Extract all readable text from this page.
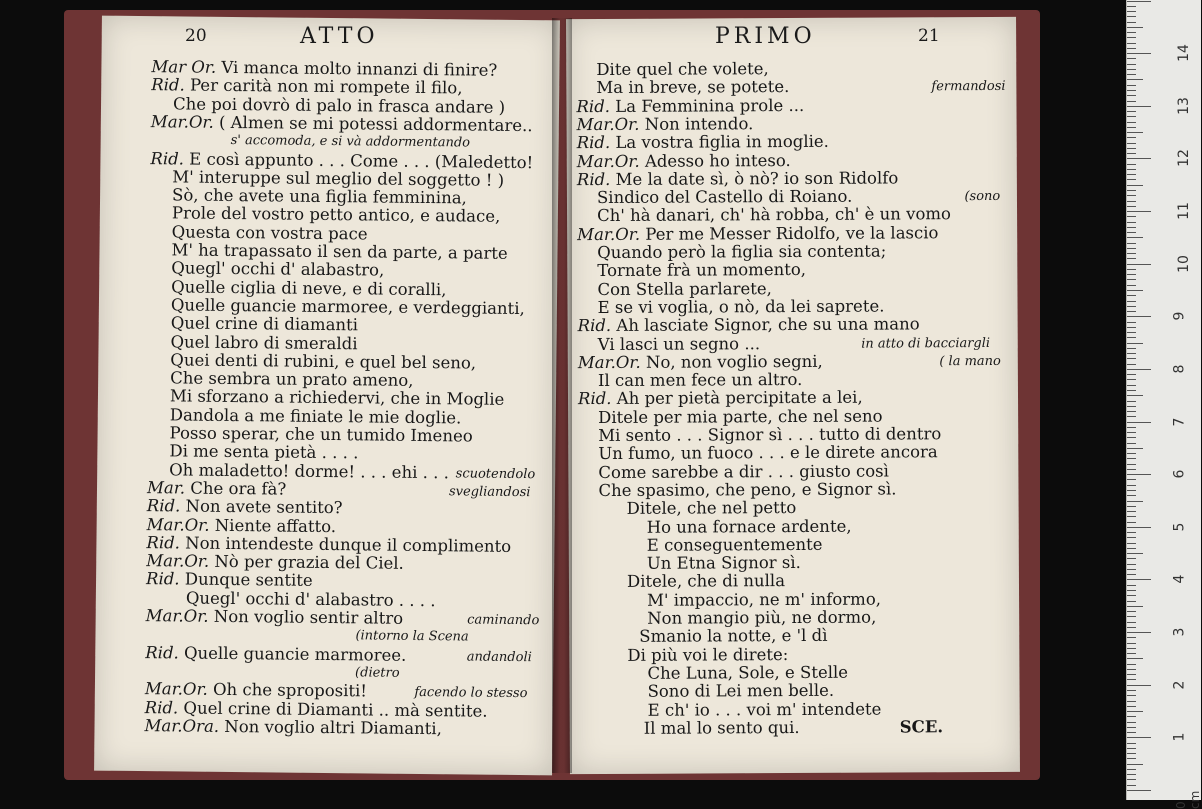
Mar Or. Vi manca molto innanzi di finire?
Rid. Per carità non mi rompete il filo,
Che poi dovrò di palo in frasca andare )
Mar.Or. ( Almen se mi potessi addormentare..
s' accomoda, e si và addormentando
Rid. E così appunto . . . Come . . . (Maledetto!
M' interuppe sul meglio del soggetto ! )
Sò, che avete una figlia femminina,
Prole del vostro petto antico, e audace,
Questa con vostra pace
M' ha trapassato il sen da parte, a parte
Quegl' occhi d' alabastro,
Quelle ciglia di neve, e di coralli,
Quelle guancie marmoree, e verdeggianti,
Quel crine di diamanti
Quel labro di smeraldi
Quei denti di rubini, e quel bel seno,
Che sembra un prato ameno,
Mi sforzano a richiedervi, che in Moglie
Dandola a me finiate le mie doglie.
Posso sperar, che un tumido Imeneo
Di me senta pietà . . . .
Oh maladetto! dorme! . . . ehi . . . scuotendolo
Mar. Che ora fà?	svegliandosi
Rid. Non avete sentito?
Mar.Or. Niente affatto.
Rid. Non intendeste dunque il complimento
Mar.Or. Nò per grazia del Ciel.
Rid. Dunque sentite
Quegl' occhi d' alabastro . . . .
Mar.Or. Non voglio sentir altro	caminando
(intorno la Scena
Rid. Quelle guancie marmoree.	andandoli
(dietro
Mar.Or. Oh che spropositi!	facendo lo stesso
Rid. Quel crine di Diamanti .. mà sentite.
Mar.Ora. Non voglio altri Diamanti,
Dite quel che volete,
Ma in breve, se potete.	fermandosi
Rid. La Femminina prole ...
Mar.Or. Non intendo.
Rid. La vostra figlia in moglie.
Mar.Or. Adesso ho inteso.
Rid. Me la date sì, ò nò? io son Ridolfo
Sindico del Castello di Roiano.	(sono
Ch' hà danari, ch' hà robba, ch' è un vomo
Mar.Or. Per me Messer Ridolfo, ve la lascio
Quando però la figlia sia contenta;
Tornate frà un momento,
Con Stella parlarete,
E se vi voglia, o nò, da lei saprete.
Rid. Ah lasciate Signor, che su una mano
Vi lasci un segno ...	in atto di bacciargli
Mar.Or. No, non voglio segni,	( la mano
Il can men fece un altro.
Rid. Ah per pietà percipitate a lei,
Ditele per mia parte, che nel seno
Mi sento . . . Signor sì . . . tutto di dentro
Un fumo, un fuoco . . . e le direte ancora
Come sarebbe a dir . . . giusto così
Che spasimo, che peno, e Signor sì.
Ditele, che nel petto
Ho una fornace ardente,
E conseguentemente
Un Etna Signor sì.
Ditele, che di nulla
M' impaccio, ne m' informo,
Non mangio più, ne dormo,
Smanio la notte, e 'l dì
Di più voi le direte:
Che Luna, Sole, e Stelle
Sono di Lei men belle.
E ch' io . . . voi m' intendete
Il mal lo sento qui.	SCE.
20	ATTO	PRIMO	21
0 cm
1
2
3
4
5
6
7
8
9
10
11
12
13
14
